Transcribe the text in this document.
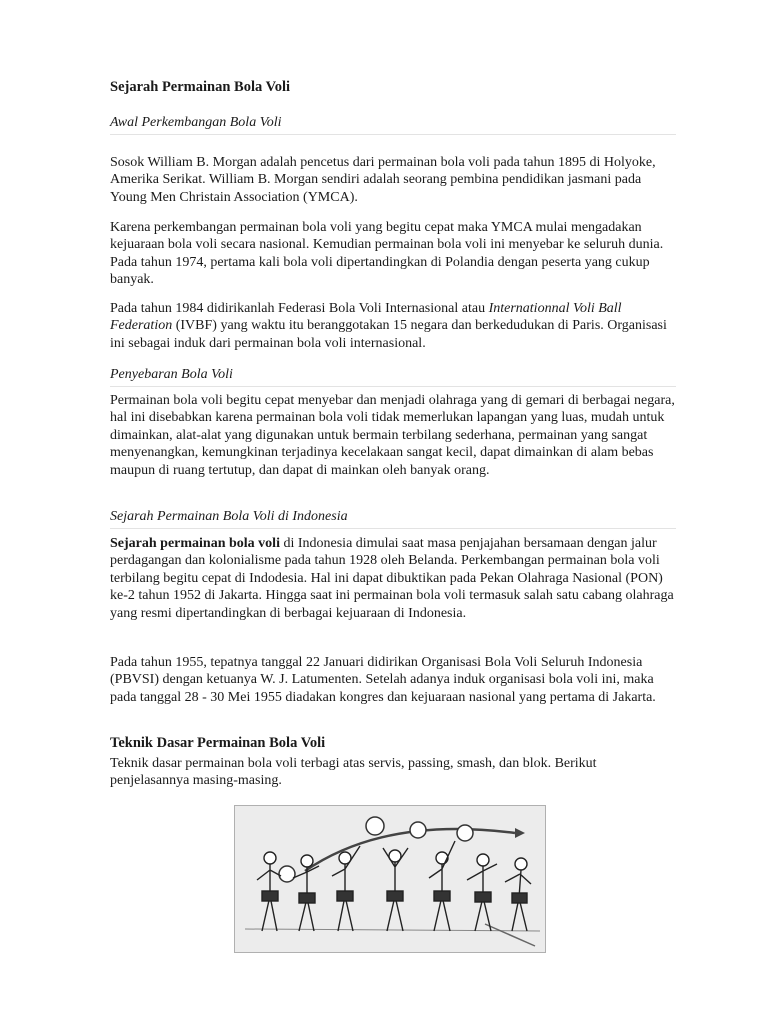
Sejarah Permainan Bola Voli
Awal Perkembangan Bola Voli
Sosok William B. Morgan adalah pencetus dari permainan bola voli pada tahun 1895 di Holyoke, Amerika Serikat. William B. Morgan sendiri adalah seorang pembina pendidikan jasmani pada Young Men Christain Association (YMCA).
Karena perkembangan permainan bola voli yang begitu cepat maka YMCA mulai mengadakan kejuaraan bola voli secara nasional. Kemudian permainan bola voli ini menyebar ke seluruh dunia. Pada tahun 1974, pertama kali bola voli dipertandingkan di Polandia dengan peserta yang cukup banyak.
Pada tahun 1984 didirikanlah Federasi Bola Voli Internasional atau Internationnal Voli Ball Federation (IVBF) yang waktu itu beranggotakan 15 negara dan berkedudukan di Paris. Organisasi ini sebagai induk dari permainan bola voli internasional.
Penyebaran Bola Voli
Permainan bola voli begitu cepat menyebar dan menjadi olahraga yang di gemari di berbagai negara, hal ini disebabkan karena permainan bola voli tidak memerlukan lapangan yang luas, mudah untuk dimainkan, alat-alat yang digunakan untuk bermain terbilang sederhana, permainan yang sangat menyenangkan, kemungkinan terjadinya kecelakaan sangat kecil, dapat dimainkan di alam bebas maupun di ruang tertutup, dan dapat di mainkan oleh banyak orang.
Sejarah Permainan Bola Voli di Indonesia
Sejarah permainan bola voli di Indonesia dimulai saat masa penjajahan bersamaan dengan jalur perdagangan dan kolonialisme pada tahun 1928 oleh Belanda. Perkembangan permainan bola voli terbilang begitu cepat di Indodesia. Hal ini dapat dibuktikan pada Pekan Olahraga Nasional (PON) ke-2 tahun 1952 di Jakarta. Hingga saat ini permainan bola voli termasuk salah satu cabang olahraga yang resmi dipertandingkan di berbagai kejuaraan di Indonesia.
Pada tahun 1955, tepatnya tanggal 22 Januari didirikan Organisasi Bola Voli Seluruh Indonesia (PBVSI) dengan ketuanya W. J. Latumenten. Setelah adanya induk organisasi bola voli ini, maka pada tanggal 28 - 30 Mei 1955 diadakan kongres dan kejuaraan nasional yang pertama di Jakarta.
Teknik Dasar Permainan Bola Voli
Teknik dasar permainan bola voli terbagi atas servis, passing, smash, dan blok. Berikut penjelasannya masing-masing.
